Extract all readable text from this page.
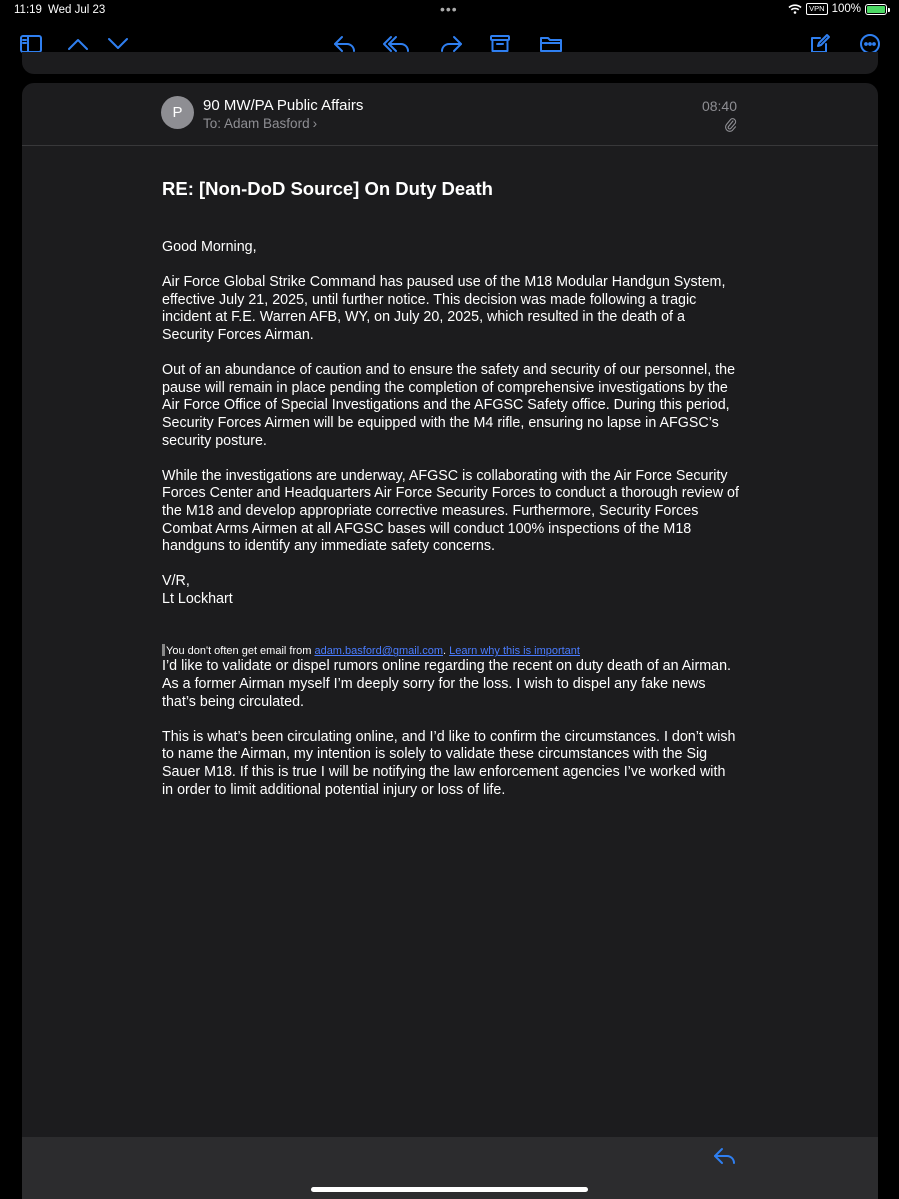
11:19 Wed Jul 23	•••	VPN 100%
P	90 MW/PA Public Affairs
To: Adam Basford ›
08:40
RE: [Non-DoD Source] On Duty Death

Good Morning,

Air Force Global Strike Command has paused use of the M18 Modular Handgun System, effective July 21, 2025, until further notice. This decision was made following a tragic incident at F.E. Warren AFB, WY, on July 20, 2025, which resulted in the death of a Security Forces Airman.

Out of an abundance of caution and to ensure the safety and security of our personnel, the pause will remain in place pending the completion of comprehensive investigations by the Air Force Office of Special Investigations and the AFGSC Safety office. During this period, Security Forces Airmen will be equipped with the M4 rifle, ensuring no lapse in AFGSC’s security posture.

While the investigations are underway, AFGSC is collaborating with the Air Force Security Forces Center and Headquarters Air Force Security Forces to conduct a thorough review of the M18 and develop appropriate corrective measures. Furthermore, Security Forces Combat Arms Airmen at all AFGSC bases will conduct 100% inspections of the M18 handguns to identify any immediate safety concerns.

V/R,
Lt Lockhart

You don't often get email from adam.basford@gmail.com. Learn why this is important

I’d like to validate or dispel rumors online regarding the recent on duty death of an Airman. As a former Airman myself I’m deeply sorry for the loss. I wish to dispel any fake news that’s being circulated.

This is what’s been circulating online, and I’d like to confirm the circumstances. I don’t wish to name the Airman, my intention is solely to validate these circumstances with the Sig Sauer M18. If this is true I will be notifying the law enforcement agencies I’ve worked with in order to limit additional potential injury or loss of life.
